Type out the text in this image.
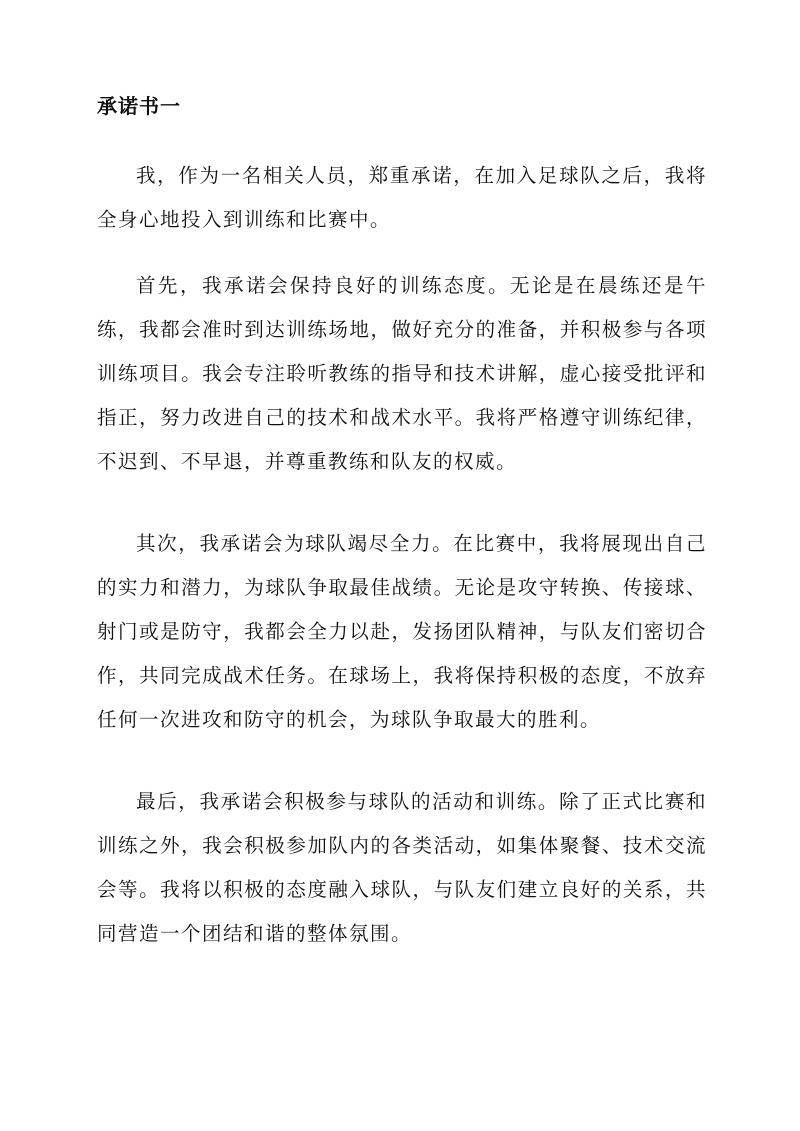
承诺书一

我，作为一名相关人员，郑重承诺，在加入足球队之后，我将全身心地投入到训练和比赛中。

首先，我承诺会保持良好的训练态度。无论是在晨练还是午练，我都会准时到达训练场地，做好充分的准备，并积极参与各项训练项目。我会专注聆听教练的指导和技术讲解，虚心接受批评和指正，努力改进自己的技术和战术水平。我将严格遵守训练纪律，不迟到、不早退，并尊重教练和队友的权威。

其次，我承诺会为球队竭尽全力。在比赛中，我将展现出自己的实力和潜力，为球队争取最佳战绩。无论是攻守转换、传接球、射门或是防守，我都会全力以赴，发扬团队精神，与队友们密切合作，共同完成战术任务。在球场上，我将保持积极的态度，不放弃任何一次进攻和防守的机会，为球队争取最大的胜利。

最后，我承诺会积极参与球队的活动和训练。除了正式比赛和训练之外，我会积极参加队内的各类活动，如集体聚餐、技术交流会等。我将以积极的态度融入球队，与队友们建立良好的关系，共同营造一个团结和谐的整体氛围。
